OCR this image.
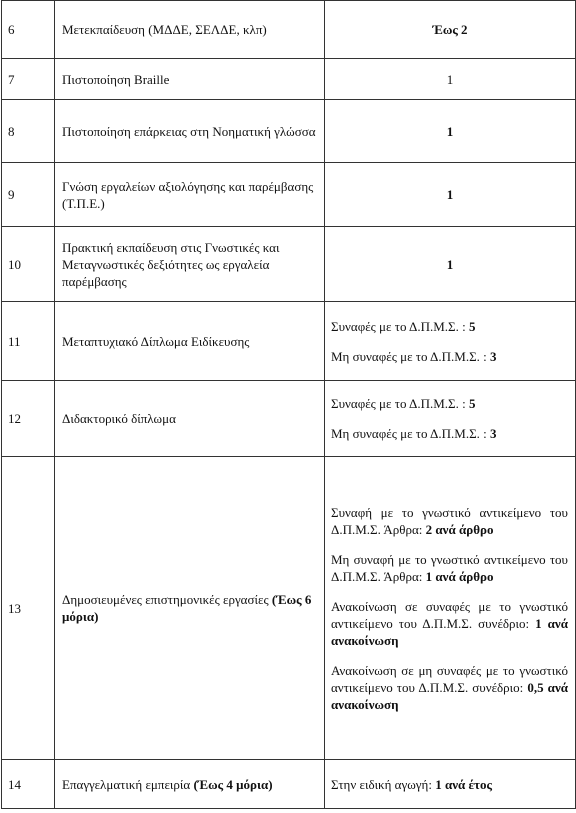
6	Μετεκπαίδευση (ΜΔΔΕ, ΣΕΛΔΕ, κλπ)	Έως 2
7	Πιστοποίηση Braille	1
8	Πιστοποίηση επάρκειας στη Νοηματική γλώσσα	1
9	Γνώση εργαλείων αξιολόγησης και παρέμβασης (Τ.Π.Ε.)	1
10	Πρακτική εκπαίδευση στις Γνωστικές και Μεταγνωστικές δεξιότητες ως εργαλεία παρέμβασης	1
11	Μεταπτυχιακό Δίπλωμα Ειδίκευσης	Συναφές με το Δ.Π.Μ.Σ. : 5

Μη συναφές με το Δ.Π.Μ.Σ. : 3

12	Διδακτορικό δίπλωμα	Συναφές με το Δ.Π.Μ.Σ. : 5

Μη συναφές με το Δ.Π.Μ.Σ. : 3

13	Δημοσιευμένες επιστημονικές εργασίες (Έως 6 μόρια)	Συναφή με το γνωστικό αντικείμενο του Δ.Π.Μ.Σ. Άρθρα: 2 ανά άρθρο

Μη συναφή με το γνωστικό αντικείμενο του Δ.Π.Μ.Σ. Άρθρα: 1 ανά άρθρο

Ανακοίνωση σε συναφές με το γνωστικό αντικείμενο του Δ.Π.Μ.Σ. συνέδριο: 1 ανά ανακοίνωση

Ανακοίνωση σε μη συναφές με το γνωστικό αντικείμενο του Δ.Π.Μ.Σ. συνέδριο: 0,5 ανά ανακοίνωση

14	Επαγγελματική εμπειρία (Έως 4 μόρια)	Στην ειδική αγωγή: 1 ανά έτος
